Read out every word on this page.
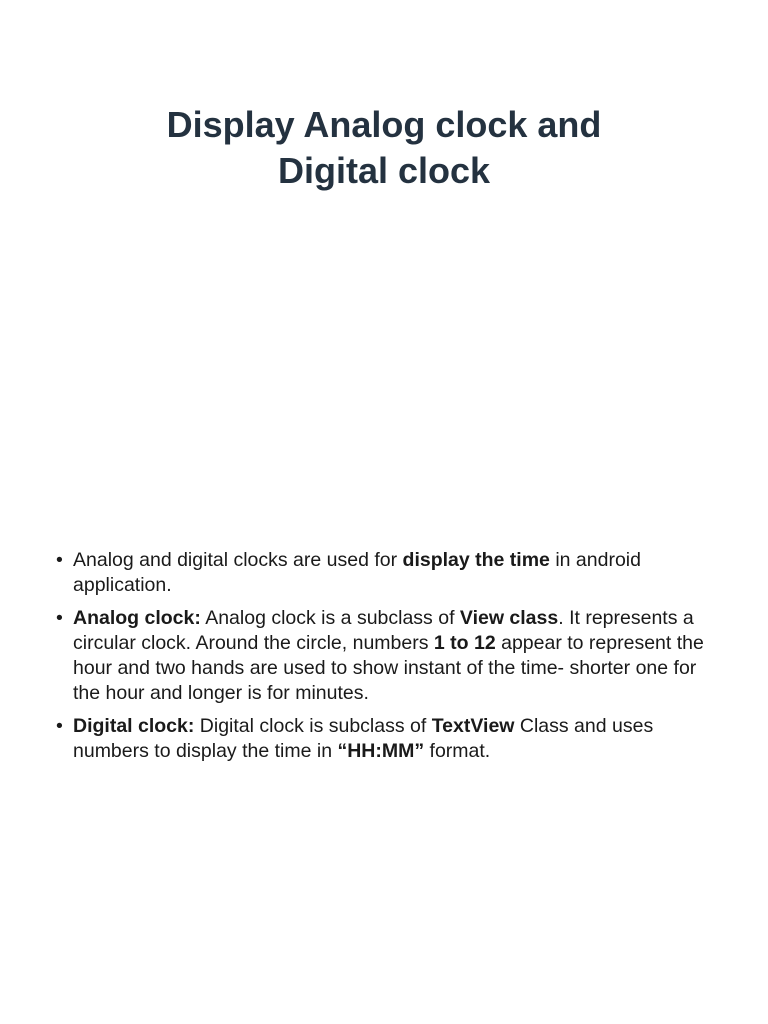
Display Analog clock and
Digital clock
• Analog and digital clocks are used for display the time in android application.
• Analog clock: Analog clock is a subclass of View class. It represents a circular clock. Around the circle, numbers 1 to 12 appear to represent the hour and two hands are used to show instant of the time- shorter one for the hour and longer is for minutes.
• Digital clock: Digital clock is subclass of TextView Class and uses numbers to display the time in “HH:MM” format.
